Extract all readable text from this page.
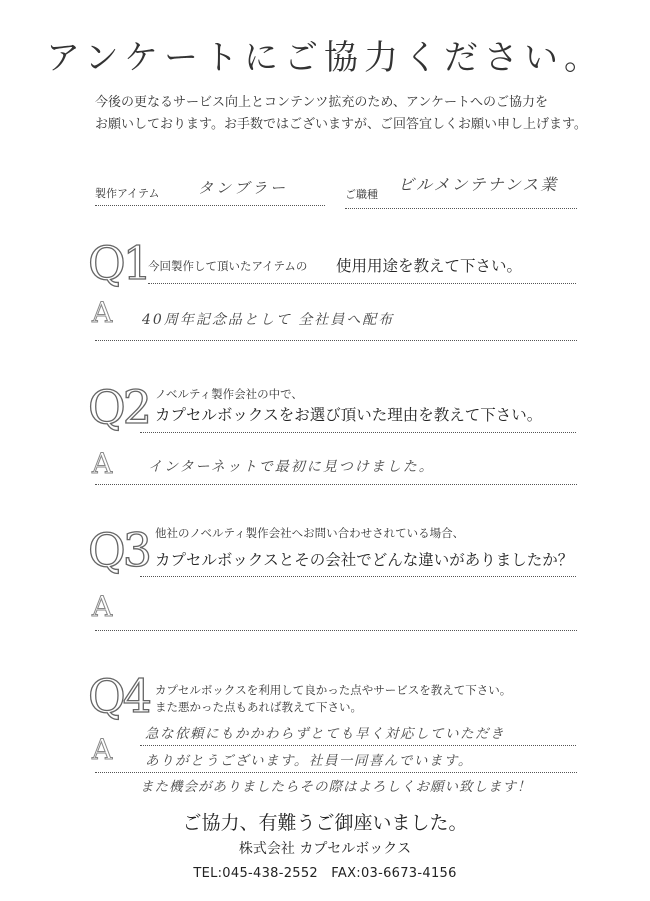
アンケートにご協力ください。
今後の更なるサービス向上とコンテンツ拡充のため、アンケートへのご協力を
お願いしております。お手数ではございますが、ご回答宜しくお願い申し上げます。
製作アイテム	タンブラー	ご職種
ビルメンテナンス業
Q1 今回製作して頂いたアイテムの 使用用途を教えて下さい。
A 40周年記念品として 全社員へ配布
Q2 ノベルティ製作会社の中で、
カプセルボックスをお選び頂いた理由を教えて下さい。
A	インターネットで最初に見つけました。
Q3 他社のノベルティ製作会社へお問い合わせされている場合、
カプセルボックスとその会社でどんな違いがありましたか？
A
Q4 カプセルボックスを利用して良かった点やサービスを教えて下さい。
また悪かった点もあれば教えて下さい。
A 急な依頼にもかかわらずとても早く対応していただき
ありがとうございます。社員一同喜んでいます。
また機会がありましたらその際はよろしくお願い致します！
ご協力、有難うご御座いました。
株式会社 カプセルボックス
TEL:045-438-2552　FAX:03-6673-4156
